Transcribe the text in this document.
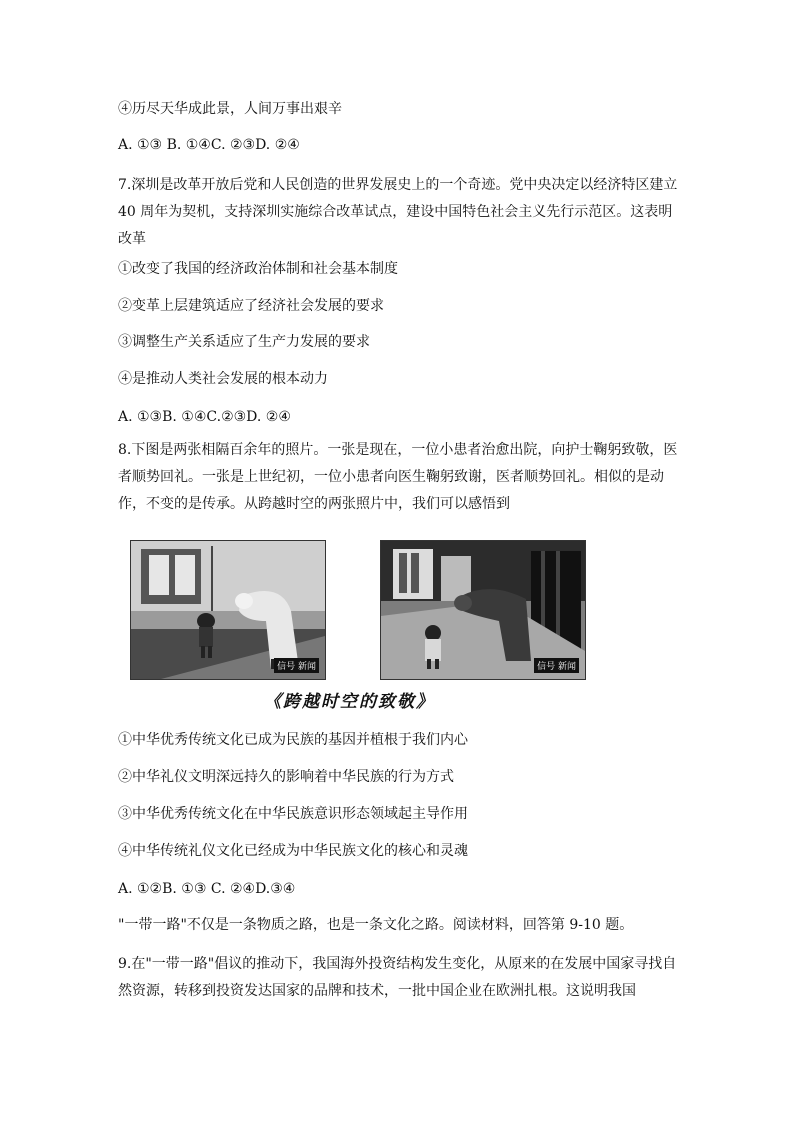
④历尽天华成此景，人间万事出艰辛
A. ①③ B. ①④C. ②③D. ②④
7.深圳是改革开放后党和人民创造的世界发展史上的一个奇迹。党中央决定以经济特区建立 40 周年为契机，支持深圳实施综合改革试点，建设中国特色社会主义先行示范区。这表明改革
①改变了我国的经济政治体制和社会基本制度
②变革上层建筑适应了经济社会发展的要求
③调整生产关系适应了生产力发展的要求
④是推动人类社会发展的根本动力
A. ①③B. ①④C.②③D. ②④
8.下图是两张相隔百余年的照片。一张是现在，一位小患者治愈出院，向护士鞠躬致敬，医者顺势回礼。一张是上世纪初，一位小患者向医生鞠躬致谢，医者顺势回礼。相似的是动作，不变的是传承。从跨越时空的两张照片中，我们可以感悟到
信号 新闻	信号 新闻
《跨越时空的致敬》
①中华优秀传统文化已成为民族的基因并植根于我们内心
②中华礼仪文明深远持久的影响着中华民族的行为方式
③中华优秀传统文化在中华民族意识形态领域起主导作用
④中华传统礼仪文化已经成为中华民族文化的核心和灵魂
A. ①②B. ①③ C. ②④D.③④
"一带一路"不仅是一条物质之路，也是一条文化之路。阅读材料，回答第 9-10 题。
9.在"一带一路"倡议的推动下，我国海外投资结构发生变化，从原来的在发展中国家寻找自然资源，转移到投资发达国家的品牌和技术，一批中国企业在欧洲扎根。这说明我国
